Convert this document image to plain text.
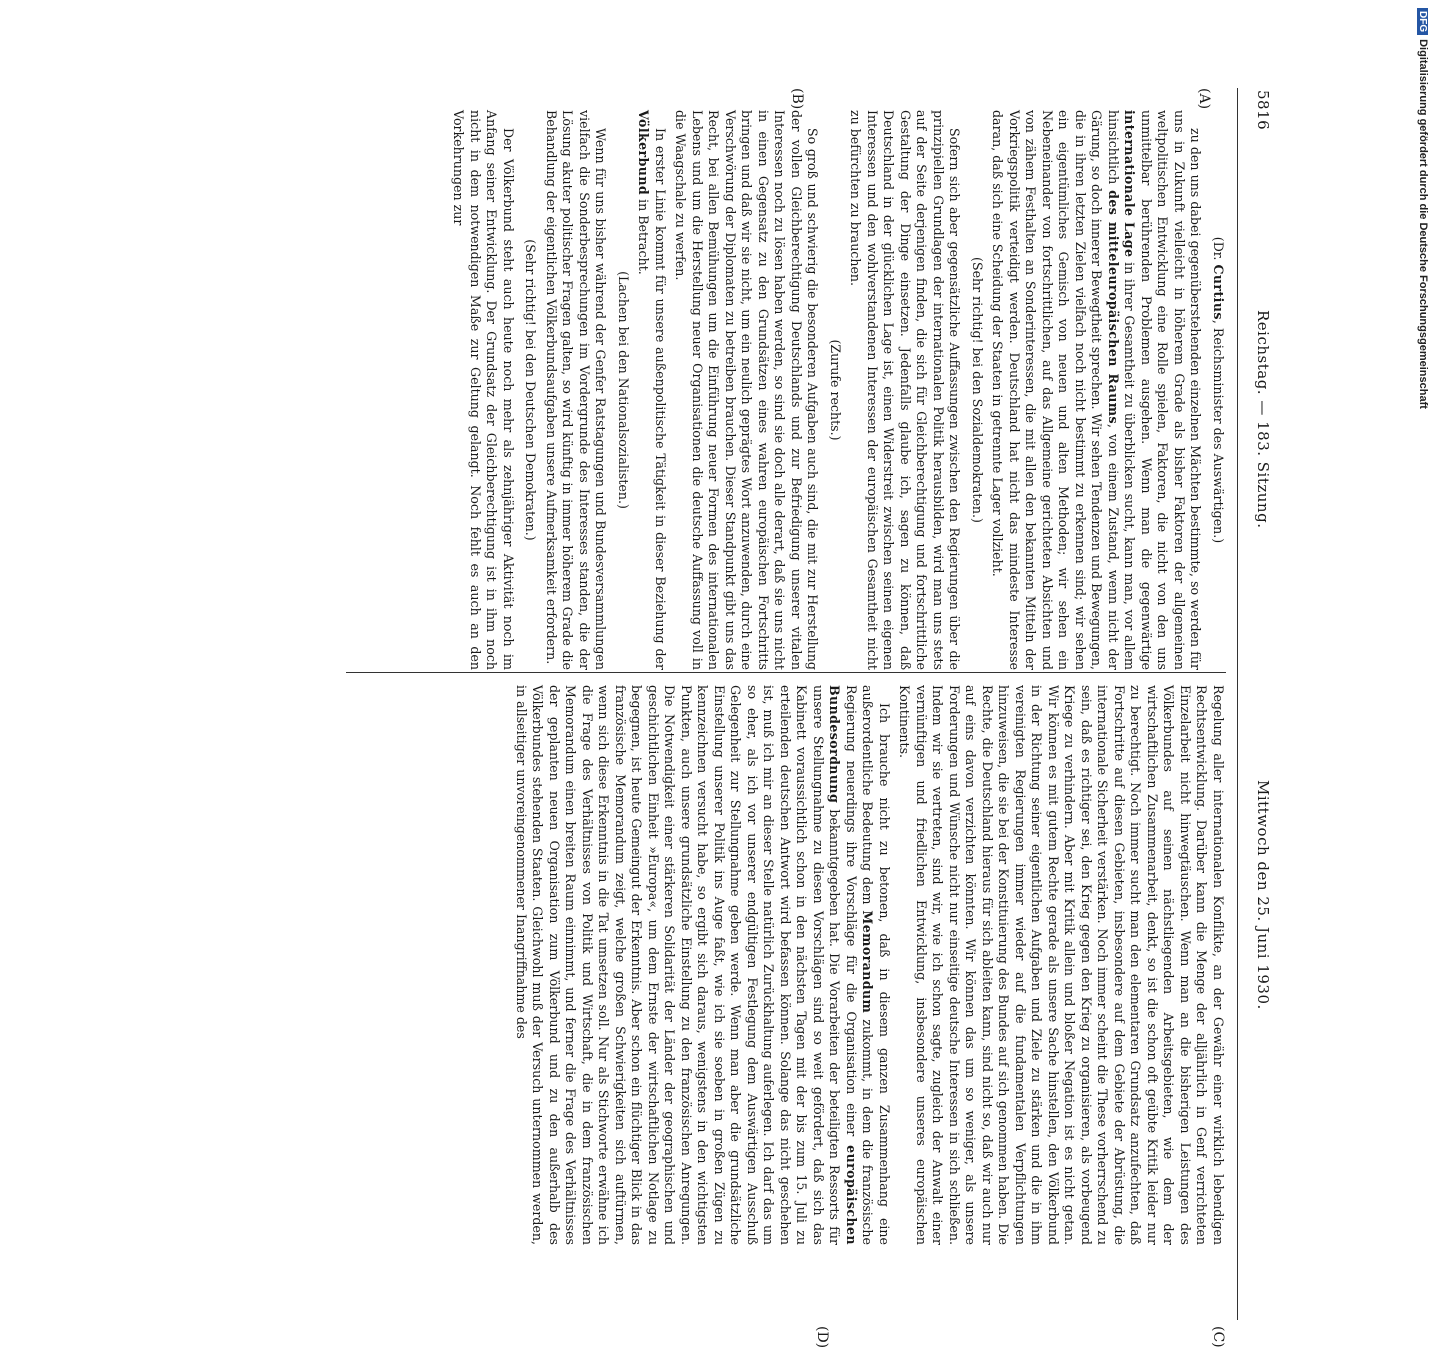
5816
Reichstag. — 183. Sitzung.
Mittwoch den 25. Juni 1930.
(A)
(B)
(C)
(D)

(Dr. Curtius, Reichsminister des Auswärtigen.)

zu den uns dabei gegenüberstehenden einzelnen Mächten bestimmte, so werden für uns in Zukunft vielleicht in höherem Grade als bisher Faktoren der allgemeinen weltpolitischen Entwicklung eine Rolle spielen, Faktoren, die nicht von den uns unmittelbar berührenden Problemen ausgehen. Wenn man die gegenwärtige internationale Lage in ihrer Gesamtheit zu überblicken sucht, kann man, vor allem hinsichtlich des mitteleuropäischen Raums, von einem Zustand, wenn nicht der Gärung, so doch innerer Bewegtheit sprechen. Wir sehen Tendenzen und Bewegungen, die in ihren letzten Zielen vielfach noch nicht bestimmt zu erkennen sind; wir sehen ein eigentümliches Gemisch von neuen und alten Methoden; wir sehen ein Nebeneinander von fortschrittlichen, auf das Allgemeine gerichteten Absichten und von zähem Festhalten an Sonderinteressen, die mit allen den bekannten Mitteln der Vorkriegspolitik verteidigt werden. Deutschland hat nicht das mindeste Interesse daran, daß sich eine Scheidung der Staaten in getrennte Lager vollzieht.

(Sehr richtig! bei den Sozialdemokraten.)

Sofern sich aber gegensätzliche Auffassungen zwischen den Regierungen über die prinzipiellen Grundlagen der internationalen Politik herausbilden, wird man uns stets auf der Seite derjenigen finden, die sich für Gleichberechtigung und fortschrittliche Gestaltung der Dinge einsetzen. Jedenfalls glaube ich, sagen zu können, daß Deutschland in der glücklichen Lage ist, einen Widerstreit zwischen seinen eigenen Interessen und den wohlverstandenen Interessen der europäischen Gesamtheit nicht zu befürchten zu brauchen.

(Zurufe rechts.)

So groß und schwierig die besonderen Aufgaben auch sind, die mit zur Herstellung der vollen Gleichberechtigung Deutschlands und zur Befriedigung unserer vitalen Interessen noch zu lösen haben werden, so sind sie doch alle derart, daß sie uns nicht in einen Gegensatz zu den Grundsätzen eines wahren europäischen Fortschritts bringen und daß wir sie nicht, um ein neulich geprägtes Wort anzuwenden, durch eine Verschwörung der Diplomaten zu betreiben brauchen. Dieser Standpunkt gibt uns das Recht, bei allen Bemühungen um die Einführung neuer Formen des internationalen Lebens und um die Herstellung neuer Organisationen die deutsche Auffassung voll in die Waagschale zu werfen.

In erster Linie kommt für unsere außenpolitische Tätigkeit in dieser Beziehung der Völkerbund in Betracht.

(Lachen bei den Nationalsozialisten.)

Wenn für uns bisher während der Genfer Ratstagungen und Bundesversammlungen vielfach die Sonderbesprechungen im Vordergrunde des Interesses standen, die der Lösung akuter politischer Fragen galten, so wird künftig in immer höherem Grade die Behandlung der eigentlichen Völkerbundsaufgaben unsere Aufmerksamkeit erfordern.

(Sehr richtig! bei den Deutschen Demokraten.)

Der Völkerbund steht auch heute noch mehr als zehnjähriger Aktivität noch im Anfang seiner Entwicklung. Der Grundsatz der Gleichberechtigung ist in ihm noch nicht in dem notwendigen Maße zur Geltung gelangt. Noch fehlt es auch an den Vorkehrungen zur

Regelung aller internationalen Konflikte, an der Gewähr einer wirklich lebendigen Rechtsentwicklung. Darüber kann die Menge der alljährlich in Genf verrichteten Einzelarbeit nicht hinwegtäuschen. Wenn man an die bisherigen Leistungen des Völkerbundes auf seinen nächstliegenden Arbeitsgebieten, wie dem der wirtschaftlichen Zusammenarbeit, denkt, so ist die schon oft geübte Kritik leider nur zu berechtigt. Noch immer sucht man den elementaren Grundsatz anzufechten, daß Fortschritte auf diesen Gebieten, insbesondere auf dem Gebiete der Abrüstung, die internationale Sicherheit verstärken. Noch immer scheint die These vorherrschend zu sein, daß es richtiger sei, den Krieg gegen den Krieg zu organisieren, als vorbeugend Kriege zu verhindern. Aber mit Kritik allein und bloßer Negation ist es nicht getan. Wir können es mit gutem Rechte gerade als unsere Sache hinstellen, den Völkerbund in der Richtung seiner eigentlichen Aufgaben und Ziele zu stärken und die in ihm vereinigten Regierungen immer wieder auf die fundamentalen Verpflichtungen hinzuweisen, die sie bei der Konstituierung des Bundes auf sich genommen haben. Die Rechte, die Deutschland hieraus für sich ableiten kann, sind nicht so, daß wir auch nur auf eins davon verzichten könnten. Wir können das um so weniger, als unsere Forderungen und Wünsche nicht nur einseitige deutsche Interessen in sich schließen. Indem wir sie vertreten, sind wir, wie ich schon sagte, zugleich der Anwalt einer vernünftigen und friedlichen Entwicklung, insbesondere unseres europäischen Kontinents.

Ich brauche nicht zu betonen, daß in diesem ganzen Zusammenhang eine außerordentliche Bedeutung dem Memorandum zukommt, in dem die französische Regierung neuerdings ihre Vorschläge für die Organisation einer europäischen Bundesordnung bekanntgegeben hat. Die Vorarbeiten der beteiligten Ressorts für unsere Stellungnahme zu diesen Vorschlägen sind so weit gefördert, daß sich das Kabinett voraussichtlich schon in den nächsten Tagen mit der bis zum 15. Juli zu erteilenden deutschen Antwort wird befassen können. Solange das nicht geschehen ist, muß ich mir an dieser Stelle natürlich Zurückhaltung auferlegen. Ich darf das um so eher, als ich vor unserer endgültigen Festlegung dem Auswärtigen Ausschuß Gelegenheit zur Stellungnahme geben werde. Wenn man aber die grundsätzliche Einstellung unserer Politik ins Auge faßt, wie ich sie soeben in großen Zügen zu kennzeichnen versucht habe, so ergibt sich daraus, wenigstens in den wichtigsten Punkten, auch unsere grundsätzliche Einstellung zu den französischen Anregungen. Die Notwendigkeit einer stärkeren Solidarität der Länder der geographischen und geschichtlichen Einheit »Europa«, um dem Ernste der wirtschaftlichen Notlage zu begegnen, ist heute Gemeingut der Erkenntnis. Aber schon ein flüchtiger Blick in das französische Memorandum zeigt, welche großen Schwierigkeiten sich auftürmen, wenn sich diese Erkenntnis in die Tat umsetzen soll. Nur als Stichworte erwähne ich die Frage des Verhältnisses von Politik und Wirtschaft, die in dem französischen Memorandum einen breiten Raum einnimmt, und ferner die Frage des Verhältnisses der geplanten neuen Organisation zum Völkerbund und zu den außerhalb des Völkerbundes stehenden Staaten. Gleichwohl muß der Versuch unternommen werden, in allseitiger unvoreingenommener Inangriffnahme des

DFGDigitalisierung gefördert durch die Deutsche Forschungsgemeinschaft
